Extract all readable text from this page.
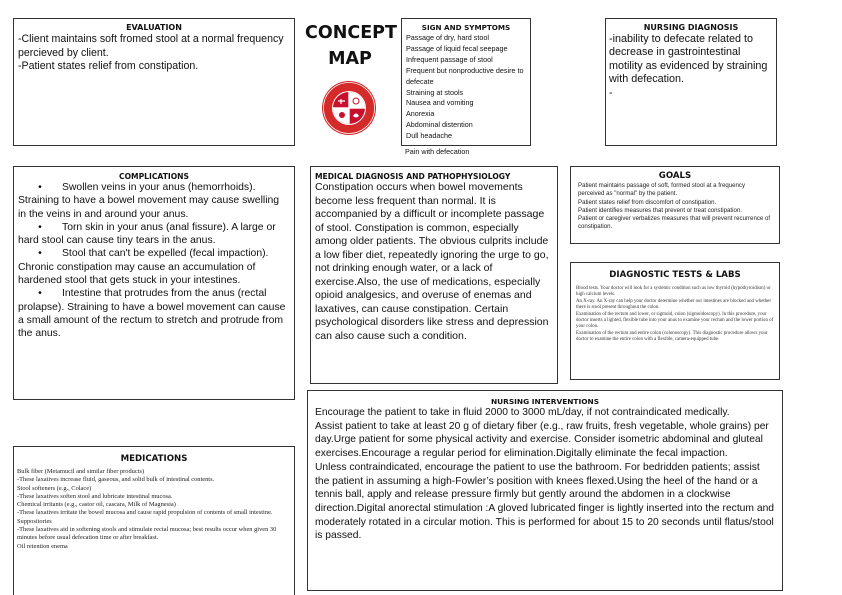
EVALUATION

-Client maintains soft fromed stool at a normal frequency percieved by client.

-Patient states relief from constipation.

CONCEPT
MAP
SIGN AND SYMPTOMS
Passage of dry, hard stool
Passage of liquid fecal seepage
Infrequent passage of stool
Frequent but nonproductive desire to
defecate
Straining at stools
Nausea and vomiting
Anorexia
Abdominal distention
Dull headache
Pain with defecation
NURSING DIAGNOSIS

-inability to defecate related to decrease in gastrointestinal motility as evidenced by straining with defecation.

-

COMPLICATIONS

• Swollen veins in your anus (hemorrhoids). Straining to have a bowel movement may cause swelling in the veins in and around your anus.

• Torn skin in your anus (anal fissure). A large or hard stool can cause tiny tears in the anus.

• Stool that can't be expelled (fecal impaction). Chronic constipation may cause an accumulation of hardened stool that gets stuck in your intestines.

• Intestine that protrudes from the anus (rectal prolapse). Straining to have a bowel movement can cause a small amount of the rectum to stretch and protrude from the anus.

MEDICAL DIAGNOSIS AND PATHOPHYSIOLOGY

Constipation occurs when bowel movements become less frequent than normal. It is accompanied by a difficult or incomplete passage of stool. Constipation is common, especially among older patients. The obvious culprits include a low fiber diet, repeatedly ignoring the urge to go, not drinking enough water, or a lack of exercise.Also, the use of medications, especially opioid analgesics, and overuse of enemas and laxatives, can cause constipation. Certain psychological disorders like stress and depression can also cause such a condition.

GOALS
Patient maintains passage of soft, formed stool at a frequency perceived as "normal" by the patient.
Patient states relief from discomfort of constipation.
Patient identifies measures that prevent or treat constipation.
Patient or caregiver verbalizes measures that will prevent recurrence of constipation.
DIAGNOSTIC TESTS & LABS
Blood tests. Your doctor will look for a systemic condition such as low thyroid (hypothyroidism) or high calcium levels.
An X-ray. An X-ray can help your doctor determine whether our intestines are blocked and whether there is stool present throughout the colon.
Examination of the rectum and lower, or sigmoid, colon (sigmoidoscopy). In this procedure, your doctor inserts a lighted, flexible tube into your anus to examine your rectum and the lower portion of your colon.
Examination of the rectum and entire colon (colonoscopy). This diagnostic procedure allows your doctor to examine the entire colon with a flexible, camera-equipped tube.
MEDICATIONS
Bulk fiber (Metamucil and similar fiber products)
-These laxatives increase fluid, gaseous, and solid bulk of intestinal contents.
Stool softeners (e.g., Colace)
-These laxatives soften stool and lubricate intestinal mucosa.
Chemical irritants (e.g., castor oil, cascara, Milk of Magnesia)
-These laxatives irritate the bowel mucosa and cause rapid propulsion of contents of small intestine.
Suppositories
-These laxatives aid in softening stools and stimulate rectal mucosa; best results occur when given 30 minutes before usual defecation time or after breakfast.
Oil retention enema
NURSING INTERVENTIONS

Encourage the patient to take in fluid 2000 to 3000 mL/day, if not contraindicated medically.

Assist patient to take at least 20 g of dietary fiber (e.g., raw fruits, fresh vegetable, whole grains) per day.Urge patient for some physical activity and exercise. Consider isometric abdominal and gluteal exercises.Encourage a regular period for elimination.Digitally eliminate the fecal impaction.

Unless contraindicated, encourage the patient to use the bathroom. For bedridden patients; assist the patient in assuming a high-Fowler’s position with knees flexed.Using the heel of the hand or a tennis ball, apply and release pressure firmly but gently around the abdomen in a clockwise direction.Digital anorectal stimulation :A gloved lubricated finger is lightly inserted into the rectum and moderately rotated in a circular motion. This is performed for about 15 to 20 seconds until flatus/stool is passed.
